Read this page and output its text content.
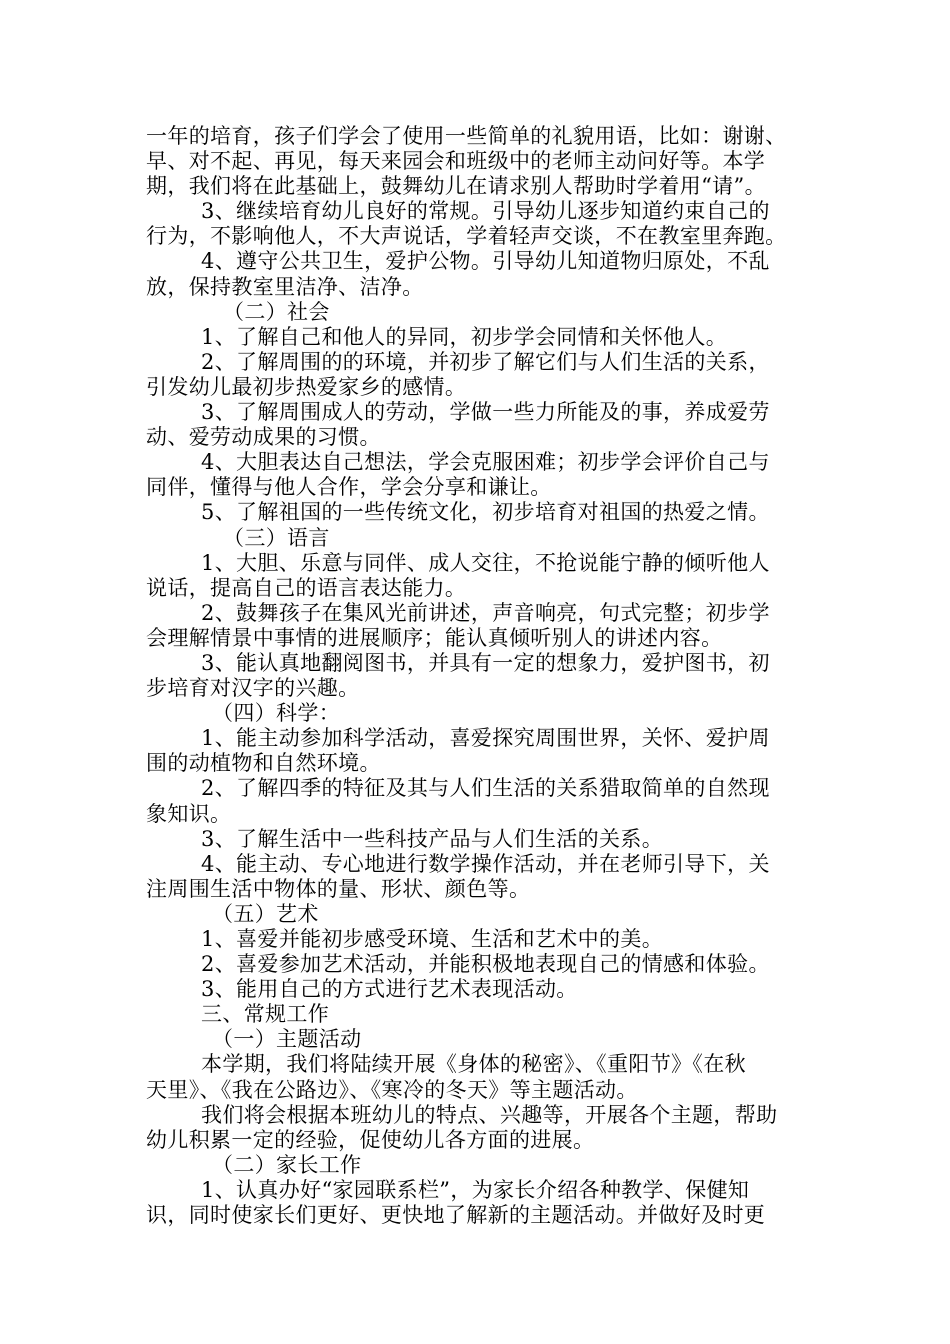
一年的培育，孩子们学会了使用一些简单的礼貌用语，比如：谢谢、
早、对不起、再见，每天来园会和班级中的老师主动问好等。本学
期，我们将在此基础上，鼓舞幼儿在请求别人帮助时学着用“请”。
3、继续培育幼儿良好的常规。引导幼儿逐步知道约束自己的
行为，不影响他人，不大声说话，学着轻声交谈，不在教室里奔跑。
4、遵守公共卫生，爱护公物。引导幼儿知道物归原处，不乱
放，保持教室里洁净、洁净。
（二）社会
1、了解自己和他人的异同，初步学会同情和关怀他人。
2、了解周围的的环境，并初步了解它们与人们生活的关系，
引发幼儿最初步热爱家乡的感情。
3、了解周围成人的劳动，学做一些力所能及的事，养成爱劳
动、爱劳动成果的习惯。
4、大胆表达自己想法，学会克服困难；初步学会评价自己与
同伴，懂得与他人合作，学会分享和谦让。
5、了解祖国的一些传统文化，初步培育对祖国的热爱之情。
（三）语言
1、大胆、乐意与同伴、成人交往，不抢说能宁静的倾听他人
说话，提高自己的语言表达能力。
2、鼓舞孩子在集风光前讲述，声音响亮，句式完整；初步学
会理解情景中事情的进展顺序；能认真倾听别人的讲述内容。
3、能认真地翻阅图书，并具有一定的想象力，爱护图书，初
步培育对汉字的兴趣。
（四）科学：
1、能主动参加科学活动，喜爱探究周围世界，关怀、爱护周
围的动植物和自然环境。
2、了解四季的特征及其与人们生活的关系猎取简单的自然现
象知识。
3、了解生活中一些科技产品与人们生活的关系。
4、能主动、专心地进行数学操作活动，并在老师引导下，关
注周围生活中物体的量、形状、颜色等。
（五）艺术
1、喜爱并能初步感受环境、生活和艺术中的美。
2、喜爱参加艺术活动，并能积极地表现自己的情感和体验。
3、能用自己的方式进行艺术表现活动。
三、常规工作
（一）主题活动
本学期，我们将陆续开展《身体的秘密》、《重阳节》《在秋
天里》、《我在公路边》、《寒冷的冬天》等主题活动。
我们将会根据本班幼儿的特点、兴趣等，开展各个主题，帮助
幼儿积累一定的经验，促使幼儿各方面的进展。
（二）家长工作
1、认真办好“家园联系栏”，为家长介绍各种教学、保健知
识，同时使家长们更好、更快地了解新的主题活动。并做好及时更
